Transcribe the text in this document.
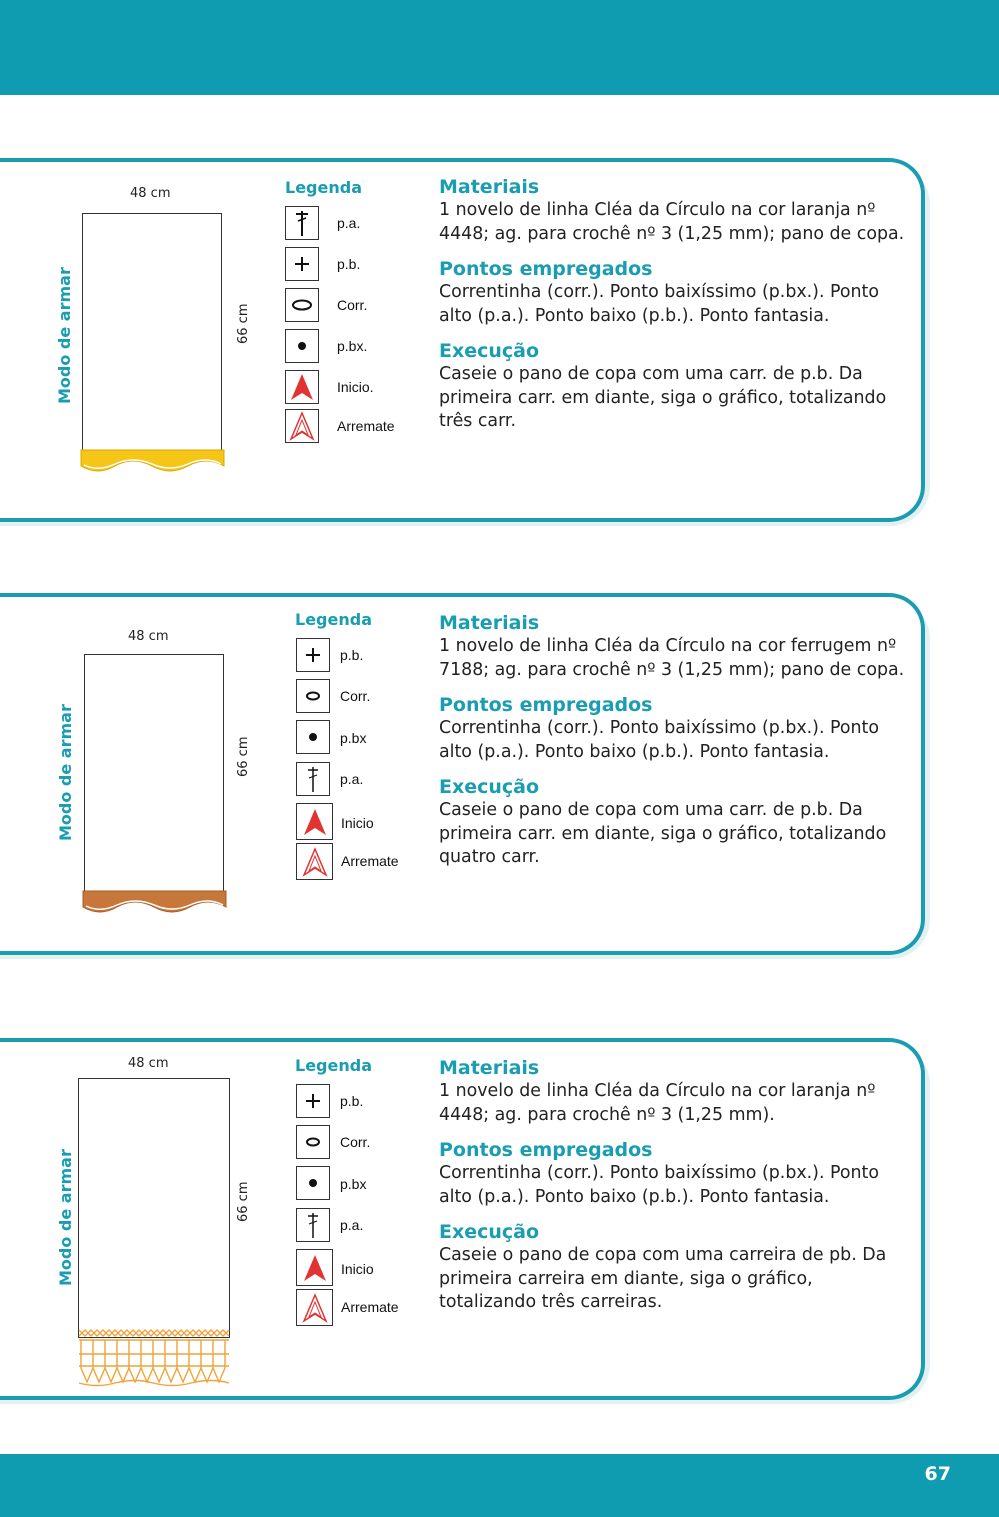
48 cm
66 cm
Modo de armar
Legenda
p.a.
p.b.
Corr.
p.bx.
Inicio.
Arremate

Materiais

1 novelo de linha Cléa da Círculo na cor laranja nº 4448; ag. para crochê nº 3 (1,25 mm); pano de copa.

Pontos empregados

Correntinha (corr.). Ponto baixíssimo (p.bx.). Ponto alto (p.a.). Ponto baixo (p.b.). Ponto fantasia.

Execução

Caseie o pano de copa com uma carr. de p.b. Da primeira carr. em diante, siga o gráfico, totalizando três carr.

48 cm
66 cm
Modo de armar
Legenda
p.b.
Corr.
p.bx
p.a.
Inicio
Arremate

Materiais

1 novelo de linha Cléa da Círculo na cor ferrugem nº 7188; ag. para crochê nº 3 (1,25 mm); pano de copa.

Pontos empregados

Correntinha (corr.). Ponto baixíssimo (p.bx.). Ponto alto (p.a.). Ponto baixo (p.b.). Ponto fantasia.

Execução

Caseie o pano de copa com uma carr. de p.b. Da primeira carr. em diante, siga o gráfico, totalizando quatro carr.

48 cm
66 cm
Modo de armar
Legenda
p.b.
Corr.
p.bx
p.a.
Inicio
Arremate

Materiais

1 novelo de linha Cléa da Círculo na cor laranja nº 4448; ag. para crochê nº 3 (1,25 mm).

Pontos empregados

Correntinha (corr.). Ponto baixíssimo (p.bx.). Ponto alto (p.a.). Ponto baixo (p.b.). Ponto fantasia.

Execução

Caseie o pano de copa com uma carreira de pb. Da primeira carreira em diante, siga o gráfico, totalizando três carreiras.

67
